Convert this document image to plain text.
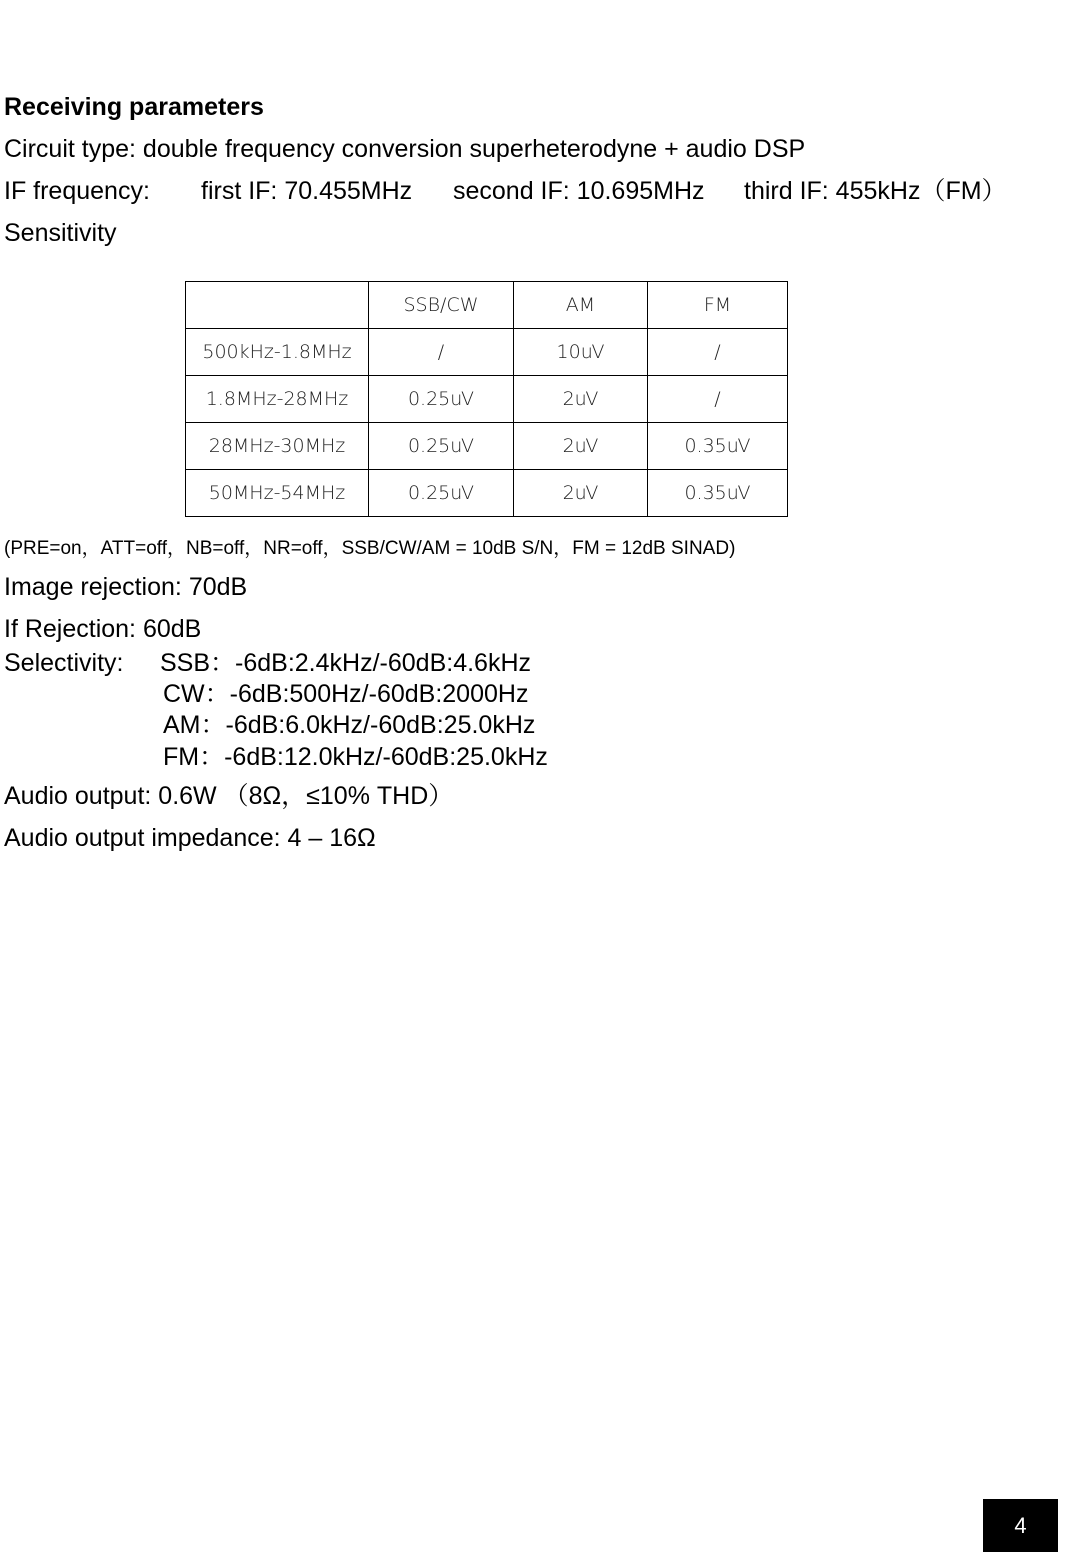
Receiving parameters
Circuit type: double frequency conversion superheterodyne + audio DSP
IF frequency: first IF: 70.455MHz second IF: 10.695MHz third IF: 455kHz（FM）
Sensitivity
	SSB/CW	AM	FM
500kHz-1.8MHz	/	10uV	/
1.8MHz-28MHz	0.25uV	2uV	/
28MHz-30MHz	0.25uV	2uV	0.35uV
50MHz-54MHz	0.25uV	2uV	0.35uV
(PRE=on，ATT=off，NB=off，NR=off，SSB/CW/AM = 10dB S/N，FM = 12dB SINAD)
Image rejection: 70dB
If Rejection: 60dB
Selectivity: SSB：-6dB:2.4kHz/-60dB:4.6kHz
CW：-6dB:500Hz/-60dB:2000Hz
AM：-6dB:6.0kHz/-60dB:25.0kHz
FM：-6dB:12.0kHz/-60dB:25.0kHz
Audio output: 0.6W （8Ω，≤10% THD）
Audio output impedance: 4 – 16Ω
4
